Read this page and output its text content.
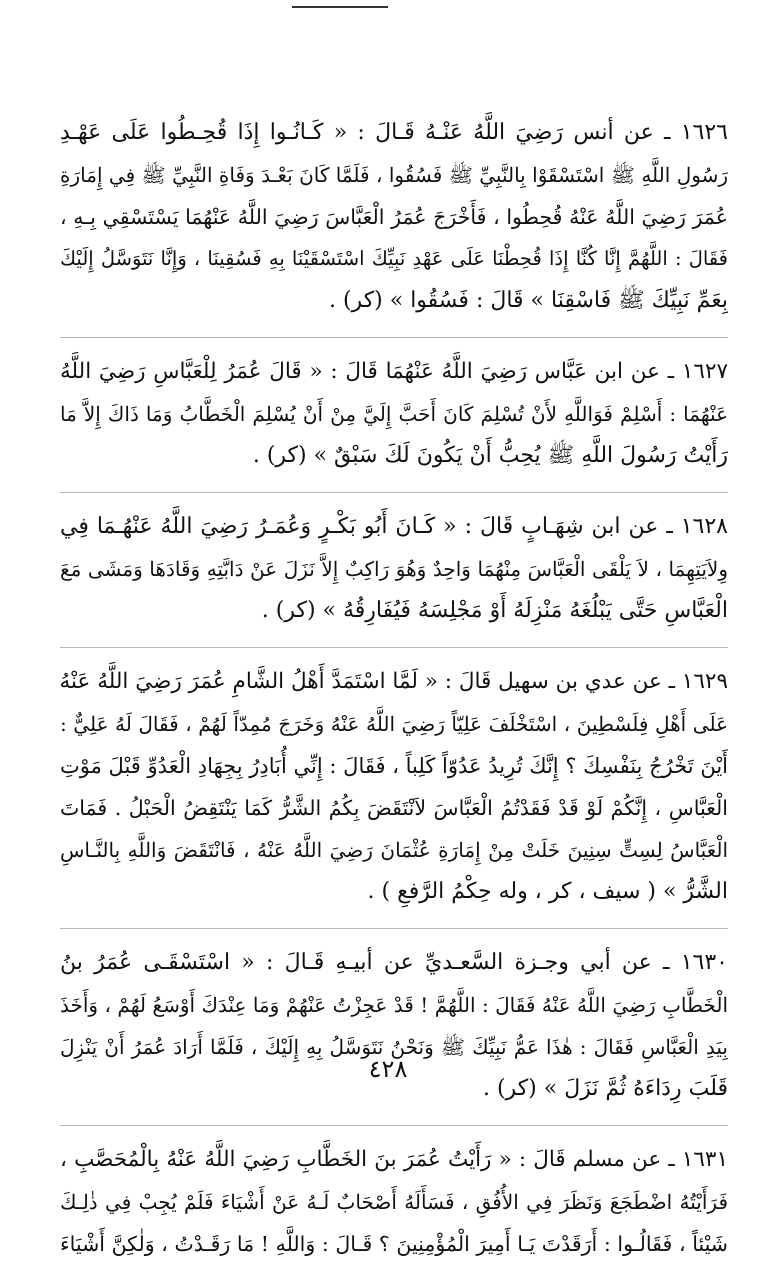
١٦٢٦ ـ عن أنس رَضِيَ اللَّهُ عَنْـهُ قَـالَ : « كَـانُـوا إِذَا قُحِـطُوا عَلَى عَهْـدِ
رَسُولِ اللَّهِ ﷺ اسْتَسْقَوْا بِالنَّبِيِّ ﷺ فَسُقُوا ، فَلَمَّا كَانَ بَعْـدَ وَفَاةِ النَّبِيِّ ﷺ فِي إِمَارَةِ
عُمَرَ رَضِيَ اللَّهُ عَنْهُ قُحِطُوا ، فَأَخْرَجَ عُمَرُ الْعَبَّاسَ رَضِيَ اللَّهُ عَنْهُمَا يَسْتَسْقِي بِـهِ ،
فَقَالَ : اللَّهُمَّ إِنَّا كُنَّا إِذَا قُحِطْنَا عَلَى عَهْدِ نَبِيِّكَ اسْتَسْقَيْنَا بِهِ فَسُقِينَا ، وَإِنَّا نَتَوَسَّلُ إِلَيْكَ
بِعَمِّ نَبِيِّكَ ﷺ فَاسْقِنَا » قَالَ : فَسُقُوا » (كر) .
١٦٢٧ ـ عن ابن عَبَّاس رَضِيَ اللَّهُ عَنْهُمَا قَالَ : « قَالَ عُمَرُ لِلْعَبَّاسِ رَضِيَ اللَّهُ
عَنْهُمَا : أَسْلِمْ فَوَاللَّهِ لأَنْ تُسْلِمَ كَانَ أَحَبَّ إِلَيَّ مِنْ أَنْ يُسْلِمَ الْخَطَّابُ وَمَا ذَاكَ إِلاَّ مَا
رَأَيْتُ رَسُولَ اللَّهِ ﷺ يُحِبُّ أَنْ يَكُونَ لَكَ سَبْقٌ » (كر) .
١٦٢٨ ـ عن ابن شِهَـابٍ قَالَ : « كَـانَ أَبُو بَكْـرٍ وَعُمَـرُ رَضِيَ اللَّهُ عَنْهُـمَا فِي
وِلاَيَتِهِمَا ، لاَ يَلْقَى الْعَبَّاسَ مِنْهُمَا وَاحِدٌ وَهُوَ رَاكِبٌ إِلاَّ نَزَلَ عَنْ دَابَّتِهِ وَقَادَهَا وَمَشَى مَعَ
الْعَبَّاسِ حَتَّى يَبْلُغَهُ مَنْزِلَهُ أَوْ مَجْلِسَهُ فَيُفَارِقُهُ » (كر) .
١٦٢٩ ـ عن عدي بن سهيل قَالَ : « لَمَّا اسْتَمَدَّ أَهْلُ الشَّامِ عُمَرَ رَضِيَ اللَّهُ عَنْهُ
عَلَى أَهْلِ فِلَسْطِينَ ، اسْتَخْلَفَ عَلِيّاً رَضِيَ اللَّهُ عَنْهُ وَخَرَجَ مُمِدّاً لَهُمْ ، فَقَالَ لَهُ عَلِيٌّ :
أَيْنَ تَخْرُجُ بِنَفْسِكَ ؟ إِنَّكَ تُرِيدُ عَدُوّاً كَلِباً ، فَقَالَ : إِنِّي أُبَادِرُ بِجِهَادِ الْعَدُوِّ قَبْلَ مَوْتِ
الْعَبَّاسِ ، إِنَّكُمْ لَوْ قَدْ فَقَدْتُمُ الْعَبَّاسَ لاَنْتَقَضَ بِكُمُ الشَّرُّ كَمَا يَنْتَقِضُ الْحَبْلُ . فَمَاتَ
الْعَبَّاسُ لِسِتٍّ سِنِينَ خَلَتْ مِنْ إِمَارَةِ عُثْمَانَ رَضِيَ اللَّهُ عَنْهُ ، فَانْتَقَضَ وَاللَّهِ بِالنَّـاسِ
الشَّرُّ » ( سيف ، كر ، وله حِكْمُ الرَّفعِ ) .
١٦٣٠ ـ عن أبي وجـزة السَّعـديِّ عن أبيـهِ قَـالَ : « اسْتَسْقَـى عُمَرُ بنُ
الْخَطَّابِ رَضِيَ اللَّهُ عَنْهُ فَقَالَ : اللَّهُمَّ ! قَدْ عَجِزْتُ عَنْهُمْ وَمَا عِنْدَكَ أَوْسَعُ لَهُمْ ، وَأَخَذَ
بِيَدِ الْعَبَّاسِ فَقَالَ : هٰذَا عَمُّ نَبِيِّكَ ﷺ وَنَحْنُ نَتَوَسَّلُ بِهِ إِلَيْكَ ، فَلَمَّا أَرَادَ عُمَرُ أَنْ يَنْزِلَ
قَلَبَ رِدَاءَهُ ثُمَّ نَزَلَ » (كر) .
١٦٣١ ـ عن مسلم قَالَ : « رَأَيْتُ عُمَرَ بنَ الخَطَّابِ رَضِيَ اللَّهُ عَنْهُ بِالْمُحَصَّبِ ،
فَرَأَيْتُهُ اضْطَجَعَ وَنَظَرَ فِي الأُفُقِ ، فَسَأَلَهُ أَصْحَابٌ لَـهُ عَنْ أَشْيَاءَ فَلَمْ يُجِبْ فِي ذٰلِـكَ
شَيْئاً ، فَقَالُـوا : أَرَقَدْتَ يَـا أَمِيرَ الْمُؤْمِنِينَ ؟ قَـالَ : وَاللَّهِ ! مَا رَقَـدْتُ ، وَلٰكِنَّ أَشْيَاءَ
٤٢٨
